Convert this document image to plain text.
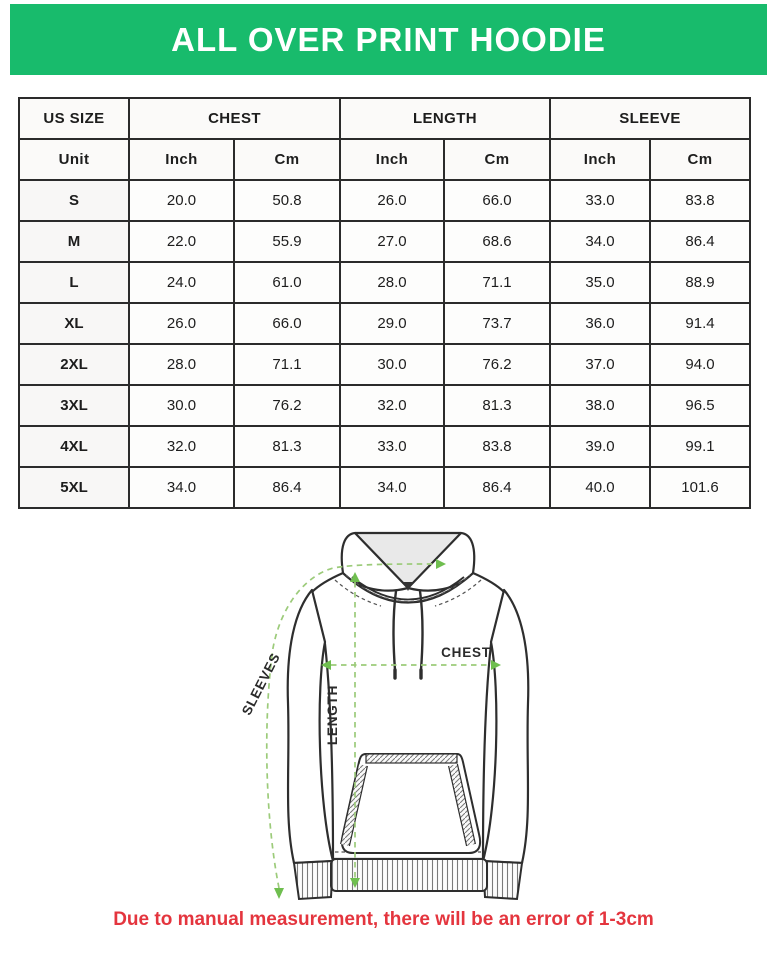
ALL OVER PRINT HOODIE
US SIZE	CHEST		LENGTH		SLEEVE	
Unit	Inch	Cm	Inch	Cm	Inch	Cm
S	20.0	50.8	26.0	66.0	33.0	83.8
M	22.0	55.9	27.0	68.6	34.0	86.4
L	24.0	61.0	28.0	71.1	35.0	88.9
XL	26.0	66.0	29.0	73.7	36.0	91.4
2XL	28.0	71.1	30.0	76.2	37.0	94.0
3XL	30.0	76.2	32.0	81.3	38.0	96.5
4XL	32.0	81.3	33.0	83.8	39.0	99.1
5XL	34.0	86.4	34.0	86.4	40.0	101.6
CHEST
LENGTH
SLEEVES
Due to manual measurement, there will be an error of 1-3cm
